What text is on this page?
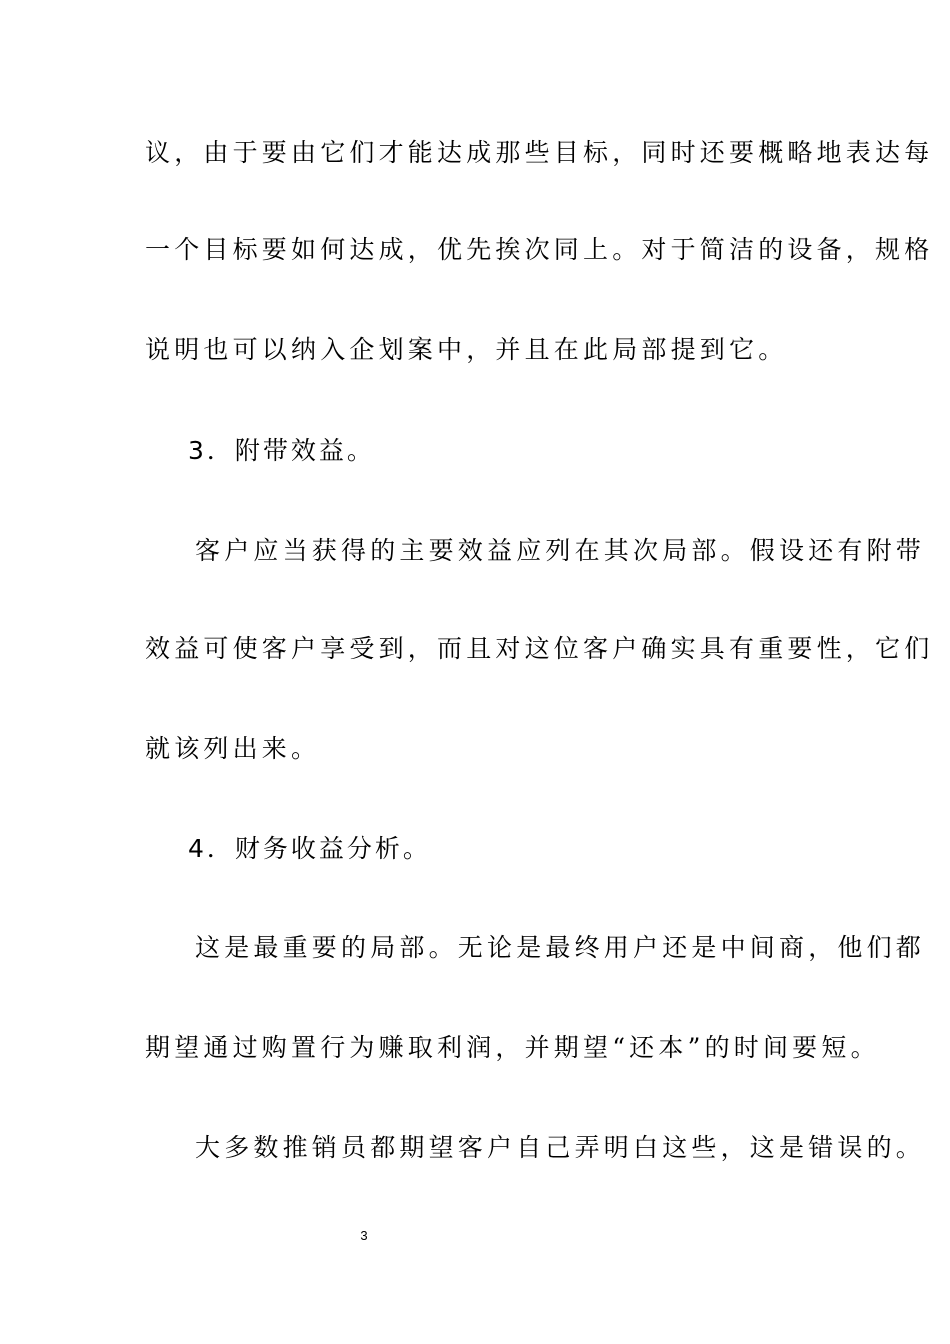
议，由于要由它们才能达成那些目标，同时还要概略地表达每
一个目标要如何达成，优先挨次同上。对于简洁的设备，规格
说明也可以纳入企划案中，并且在此局部提到它。
3．附带效益。
客户应当获得的主要效益应列在其次局部。假设还有附带
效益可使客户享受到，而且对这位客户确实具有重要性，它们
就该列出来。
4．财务收益分析。
这是最重要的局部。无论是最终用户还是中间商，他们都
期望通过购置行为赚取利润，并期望“还本”的时间要短。
大多数推销员都期望客户自己弄明白这些，这是错误的。
3
